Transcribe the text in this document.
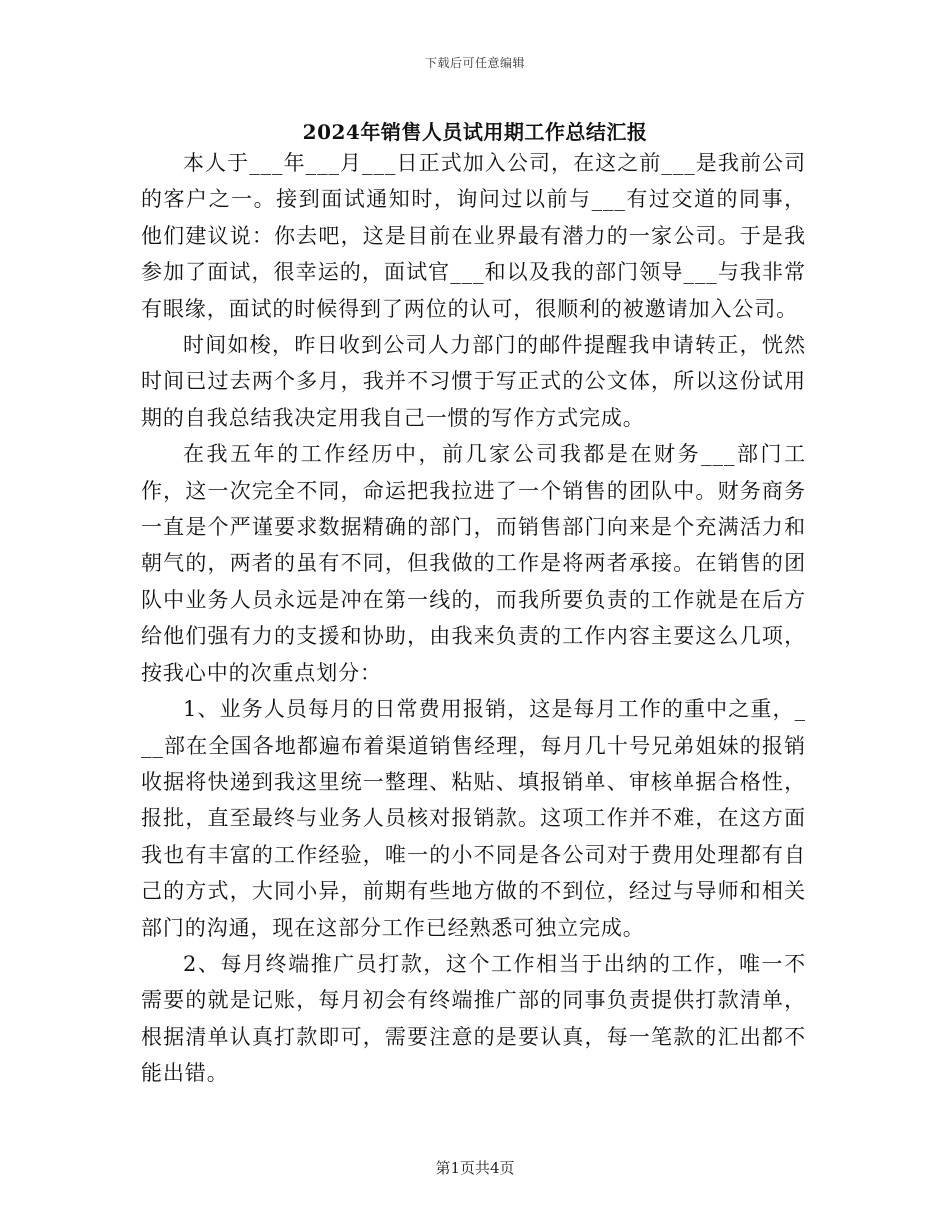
下载后可任意编辑
2024年销售人员试用期工作总结汇报

本人于___年___月___日正式加入公司，在这之前___是我前公司的客户之一。接到面试通知时，询问过以前与___有过交道的同事，他们建议说：你去吧，这是目前在业界最有潜力的一家公司。于是我参加了面试，很幸运的，面试官___和以及我的部门领导___与我非常有眼缘，面试的时候得到了两位的认可，很顺利的被邀请加入公司。

时间如梭，昨日收到公司人力部门的邮件提醒我申请转正，恍然时间已过去两个多月，我并不习惯于写正式的公文体，所以这份试用期的自我总结我决定用我自己一惯的写作方式完成。

在我五年的工作经历中，前几家公司我都是在财务___部门工作，这一次完全不同，命运把我拉进了一个销售的团队中。财务商务一直是个严谨要求数据精确的部门，而销售部门向来是个充满活力和朝气的，两者的虽有不同，但我做的工作是将两者承接。在销售的团队中业务人员永远是冲在第一线的，而我所要负责的工作就是在后方给他们强有力的支援和协助，由我来负责的工作内容主要这么几项，按我心中的次重点划分：

1、业务人员每月的日常费用报销，这是每月工作的重中之重，___部在全国各地都遍布着渠道销售经理，每月几十号兄弟姐妹的报销收据将快递到我这里统一整理、粘贴、填报销单、审核单据合格性，报批，直至最终与业务人员核对报销款。这项工作并不难，在这方面我也有丰富的工作经验，唯一的小不同是各公司对于费用处理都有自己的方式，大同小异，前期有些地方做的不到位，经过与导师和相关部门的沟通，现在这部分工作已经熟悉可独立完成。

2、每月终端推广员打款，这个工作相当于出纳的工作，唯一不需要的就是记账，每月初会有终端推广部的同事负责提供打款清单，根据清单认真打款即可，需要注意的是要认真，每一笔款的汇出都不能出错。

第1页共4页
